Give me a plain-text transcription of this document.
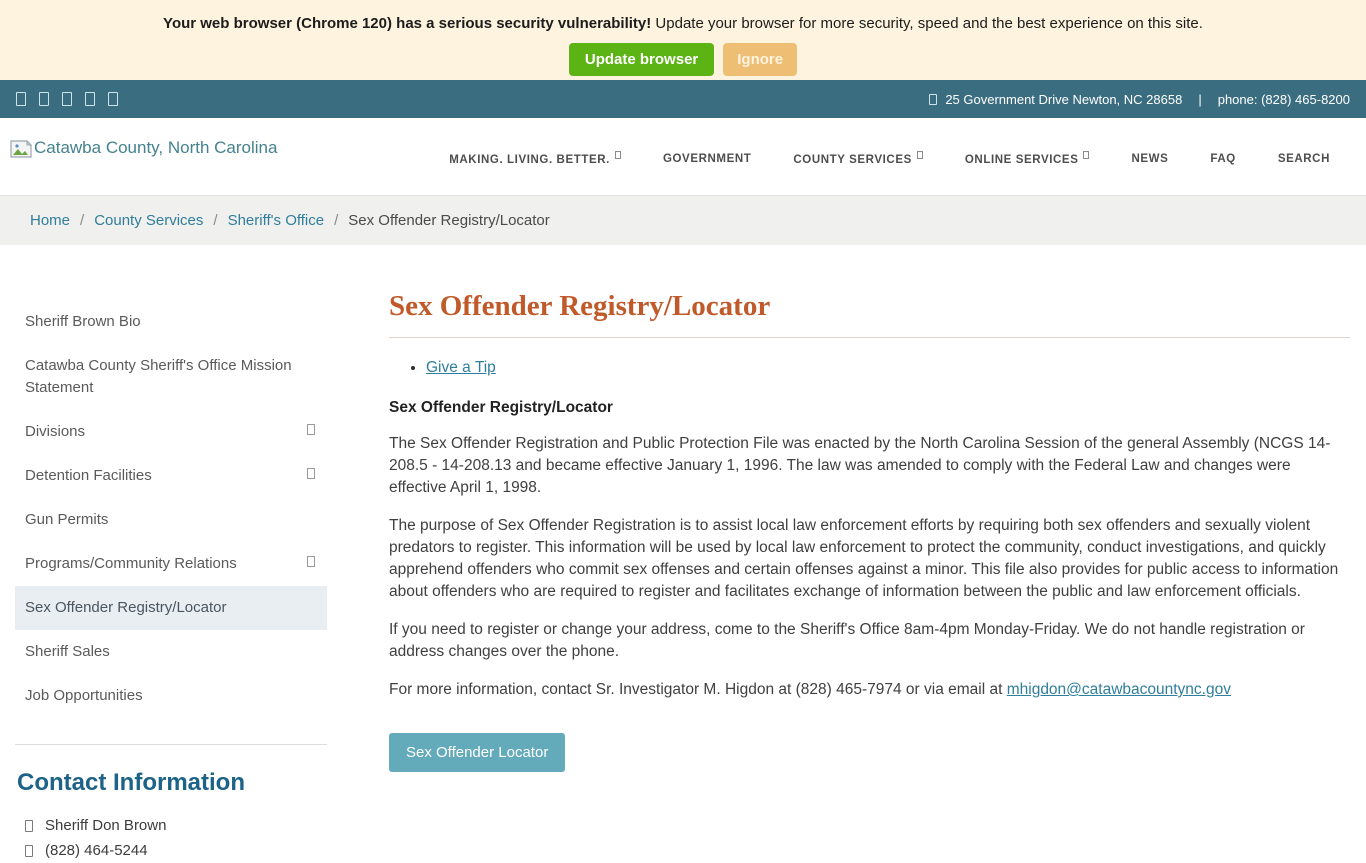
Your web browser (Chrome 120) has a serious security vulnerability! Update your browser for more security, speed and the best experience on this site.
Update browser	Ignore
25 Government Drive Newton, NC 28658	|	phone: (828) 465-8200
Catawba County, North Carolina
MAKING. LIVING. BETTER.	GOVERNMENT	COUNTY SERVICES	ONLINE SERVICES	NEWS	FAQ	SEARCH
Home / County Services / Sheriff's Office / Sex Offender Registry/Locator
Sheriff Brown Bio
Catawba County Sheriff's Office Mission Statement
Divisions
Detention Facilities
Gun Permits
Programs/Community Relations
Sex Offender Registry/Locator
Sheriff Sales
Job Opportunities
Contact Information
Sheriff Don Brown
(828) 464-5244
Sex Offender Registry/Locator
• Give a Tip
Sex Offender Registry/Locator

The Sex Offender Registration and Public Protection File was enacted by the North Carolina Session of the general Assembly (NCGS 14-208.5 - 14-208.13 and became effective January 1, 1996. The law was amended to comply with the Federal Law and changes were effective April 1, 1998.

The purpose of Sex Offender Registration is to assist local law enforcement efforts by requiring both sex offenders and sexually violent predators to register. This information will be used by local law enforcement to protect the community, conduct investigations, and quickly apprehend offenders who commit sex offenses and certain offenses against a minor. This file also provides for public access to information about offenders who are required to register and facilitates exchange of information between the public and law enforcement officials.

If you need to register or change your address, come to the Sheriff's Office 8am-4pm Monday-Friday. We do not handle registration or address changes over the phone.

For more information, contact Sr. Investigator M. Higdon at (828) 465-7974 or via email at mhigdon@catawbacountync.gov

Sex Offender Locator
